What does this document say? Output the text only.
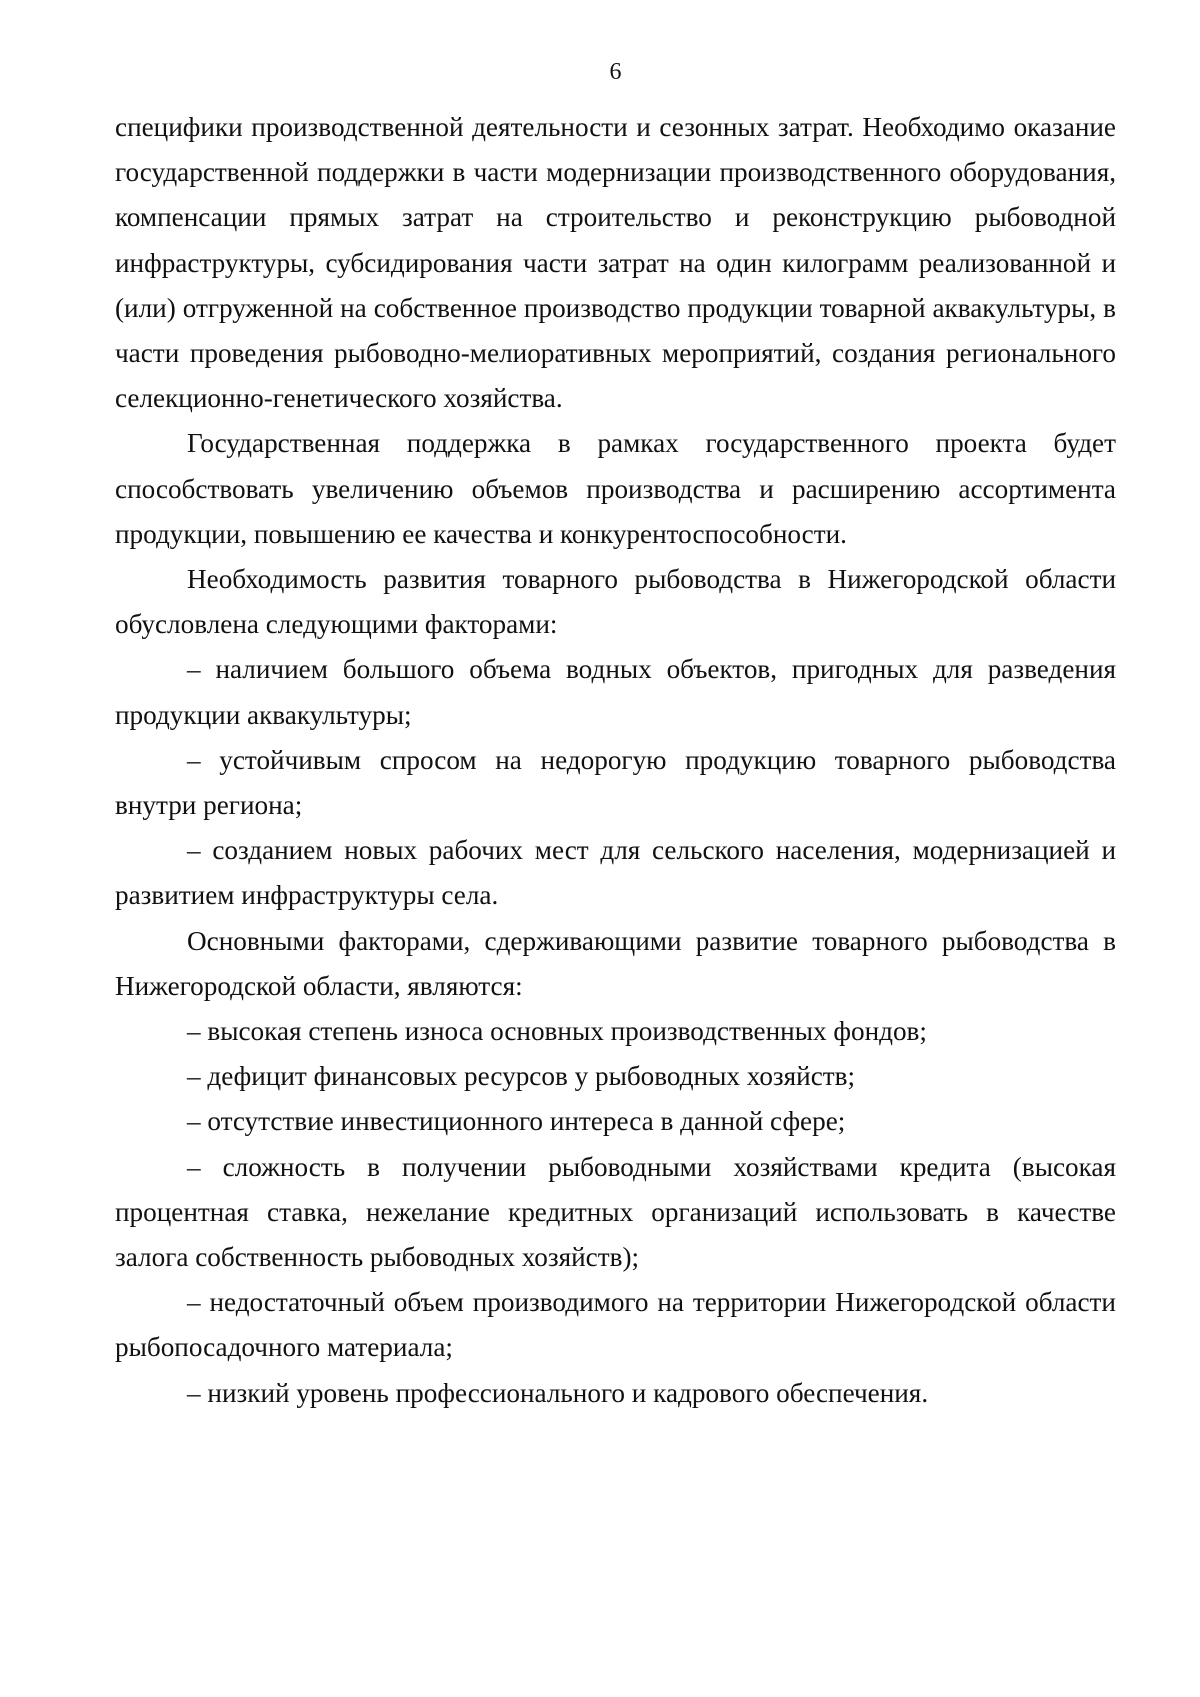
6

специфики производственной деятельности и сезонных затрат. Необходимо оказание государственной поддержки в части модернизации производственного оборудования, компенсации прямых затрат на строительство и реконструкцию рыбоводной инфраструктуры, субсидирования части затрат на один килограмм реализованной и (или) отгруженной на собственное производство продукции товарной аквакультуры, в части проведения рыбоводно-мелиоративных мероприятий, создания регионального селекционно-генетического хозяйства.

Государственная поддержка в рамках государственного проекта будет способствовать увеличению объемов производства и расширению ассортимента продукции, повышению ее качества и конкурентоспособности.

Необходимость развития товарного рыбоводства в Нижегородской области обусловлена следующими факторами:

– наличием большого объема водных объектов, пригодных для разведения продукции аквакультуры;

– устойчивым спросом на недорогую продукцию товарного рыбоводства внутри региона;

– созданием новых рабочих мест для сельского населения, модернизацией и развитием инфраструктуры села.

Основными факторами, сдерживающими развитие товарного рыбоводства в Нижегородской области, являются:

– высокая степень износа основных производственных фондов;

– дефицит финансовых ресурсов у рыбоводных хозяйств;

– отсутствие инвестиционного интереса в данной сфере;

– сложность в получении рыбоводными хозяйствами кредита (высокая процентная ставка, нежелание кредитных организаций использовать в качестве залога собственность рыбоводных хозяйств);

– недостаточный объем производимого на территории Нижегородской области рыбопосадочного материала;

– низкий уровень профессионального и кадрового обеспечения.
